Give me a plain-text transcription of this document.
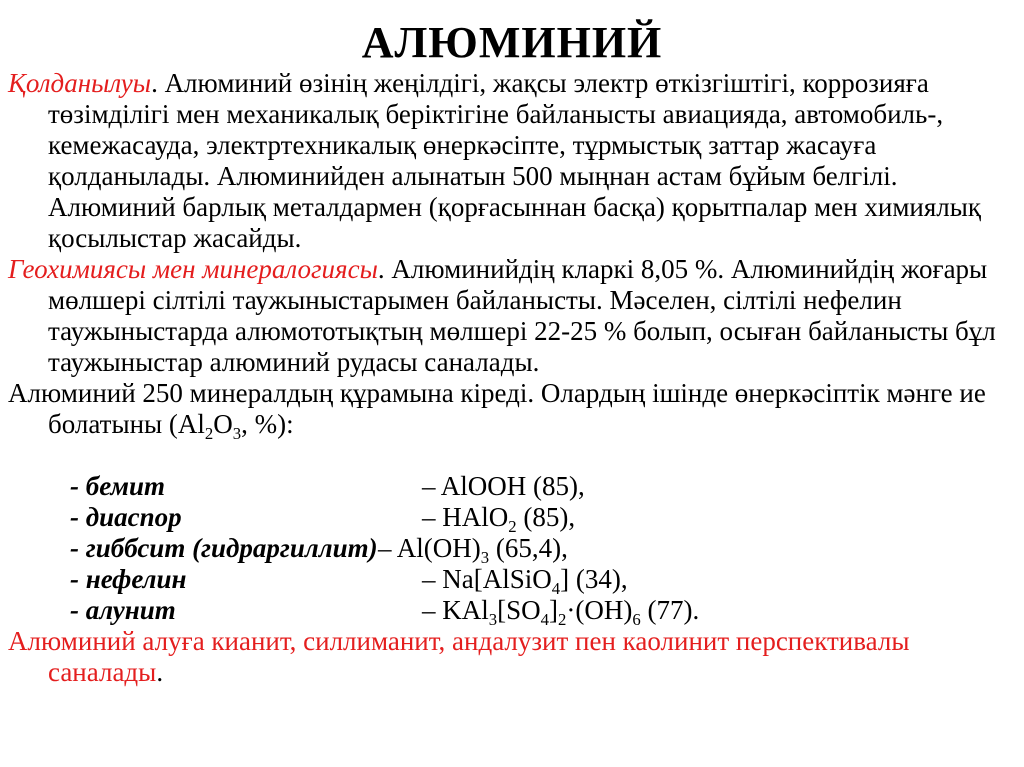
АЛЮМИНИЙ

Қолданылуы. Алюминий өзінің жеңілдігі, жақсы электр өткізгіштігі, коррозияға төзімділігі мен механикалық беріктігіне байланысты авиацияда, автомобиль-, кемежасауда, электртехникалық өнеркәсіпте, тұрмыстық заттар жасауға қолданылады. Алюминийден алынатын 500 мыңнан астам бұйым белгілі. Алюминий барлық металдармен (қорғасыннан басқа) қорытпалар мен химиялық қосылыстар жасайды.

Геохимиясы мен минералогиясы. Алюминийдің кларкі 8,05 %. Алюминийдің жоғары мөлшері сілтілі таужыныстарымен байланысты. Мәселен, сілтілі нефелин таужыныстарда алюмототықтың мөлшері 22-25 % болып, осыған байланысты бұл таужыныстар алюминий рудасы саналады.

Алюминий 250 минералдың құрамына кіреді. Олардың ішінде өнеркәсіптік мәнге ие болатыны ($Al_2O_3$, %):

- бемит	– AlOOH (85),
- диаспор	– HAlO$_2$ (85),
- гиббсит (гидраргиллит) – $Al(OH)_3$ (65,4),
- нефелин	– Na[AlSiO$_4$] (34),
- алунит	– $KAl_3[SO_4]_2\cdot(OH)_6$ (77).

Алюминий алуға кианит, силлиманит, андалузит пен каолинит перспективалы саналады.
